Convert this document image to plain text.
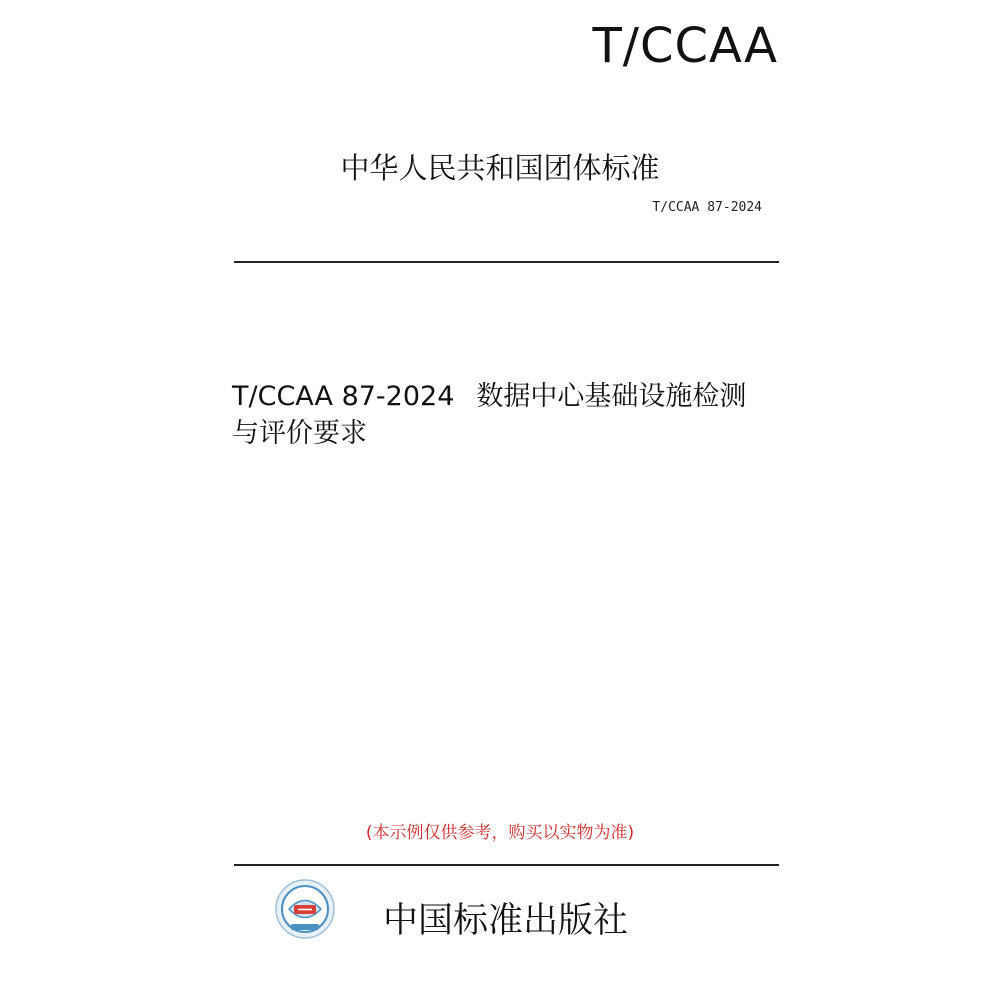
T/CCAA
中华人民共和国团体标准
T/CCAA 87-2024
T/CCAA 87-2024 数据中心基础设施检测
与评价要求
(本示例仅供参考，购买以实物为准)
中国标准出版社
